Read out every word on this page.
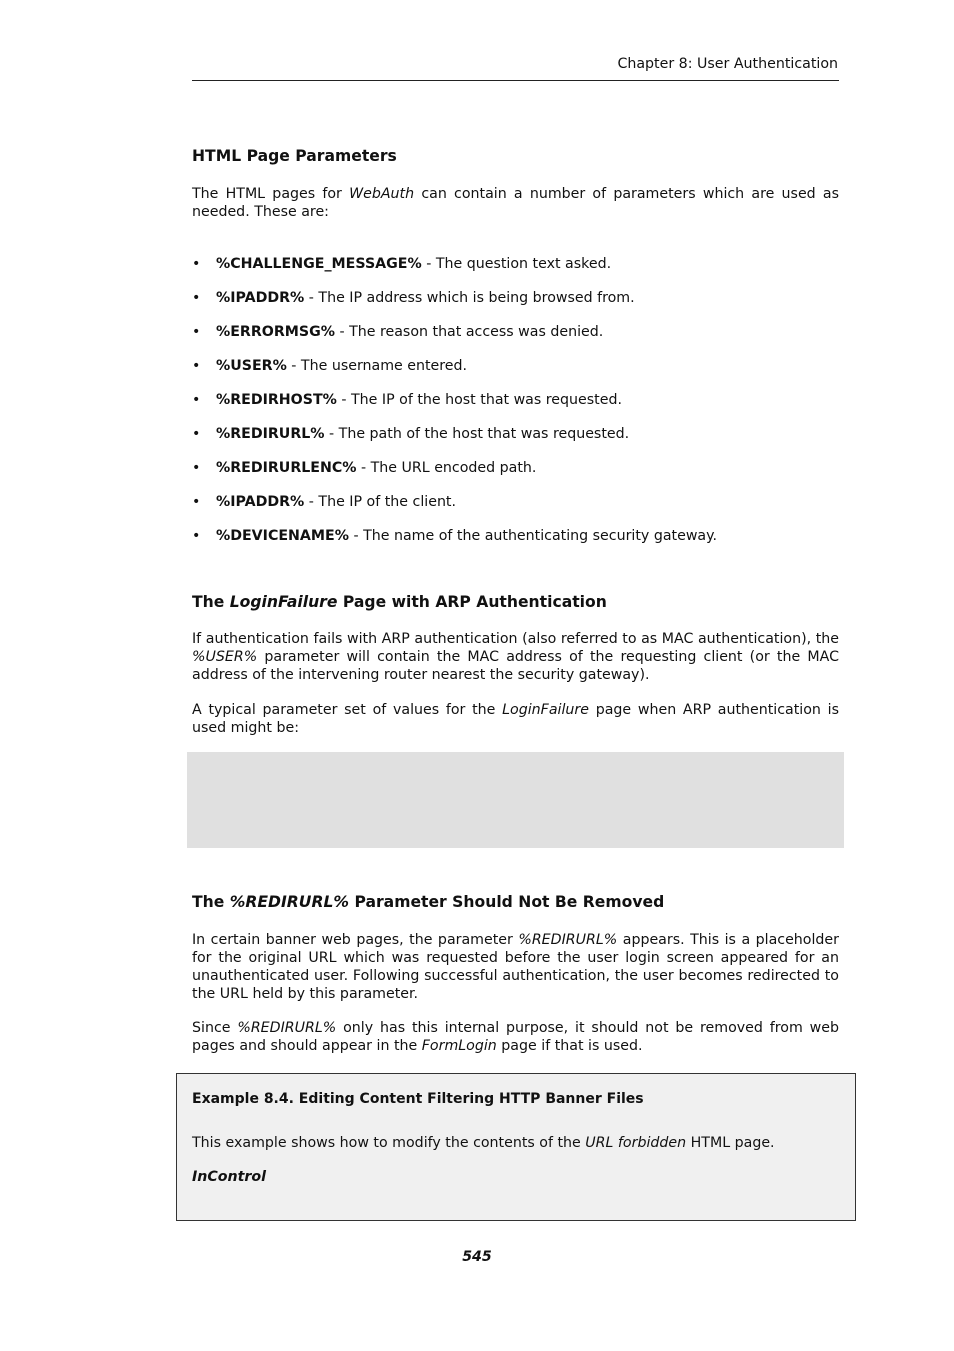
Chapter 8: User Authentication
HTML Page Parameters
The HTML pages for WebAuth can contain a number of parameters which are used as needed. These are:
• %CHALLENGE_MESSAGE% - The question text asked.
• %IPADDR% - The IP address which is being browsed from.
• %ERRORMSG% - The reason that access was denied.
• %USER% - The username entered.
• %REDIRHOST% - The IP of the host that was requested.
• %REDIRURL% - The path of the host that was requested.
• %REDIRURLENC% - The URL encoded path.
• %IPADDR% - The IP of the client.
• %DEVICENAME% - The name of the authenticating security gateway.
The LoginFailure Page with ARP Authentication
If authentication fails with ARP authentication (also referred to as MAC authentication), the %USER% parameter will contain the MAC address of the requesting client (or the MAC address of the intervening router nearest the security gateway).
A typical parameter set of values for the LoginFailure page when ARP authentication is used might be:
The %REDIRURL% Parameter Should Not Be Removed
In certain banner web pages, the parameter %REDIRURL% appears. This is a placeholder for the original URL which was requested before the user login screen appeared for an unauthenticated user. Following successful authentication, the user becomes redirected to the URL held by this parameter.
Since %REDIRURL% only has this internal purpose, it should not be removed from web pages and should appear in the FormLogin page if that is used.
Example 8.4. Editing Content Filtering HTTP Banner Files
This example shows how to modify the contents of the URL forbidden HTML page.
InControl
545
